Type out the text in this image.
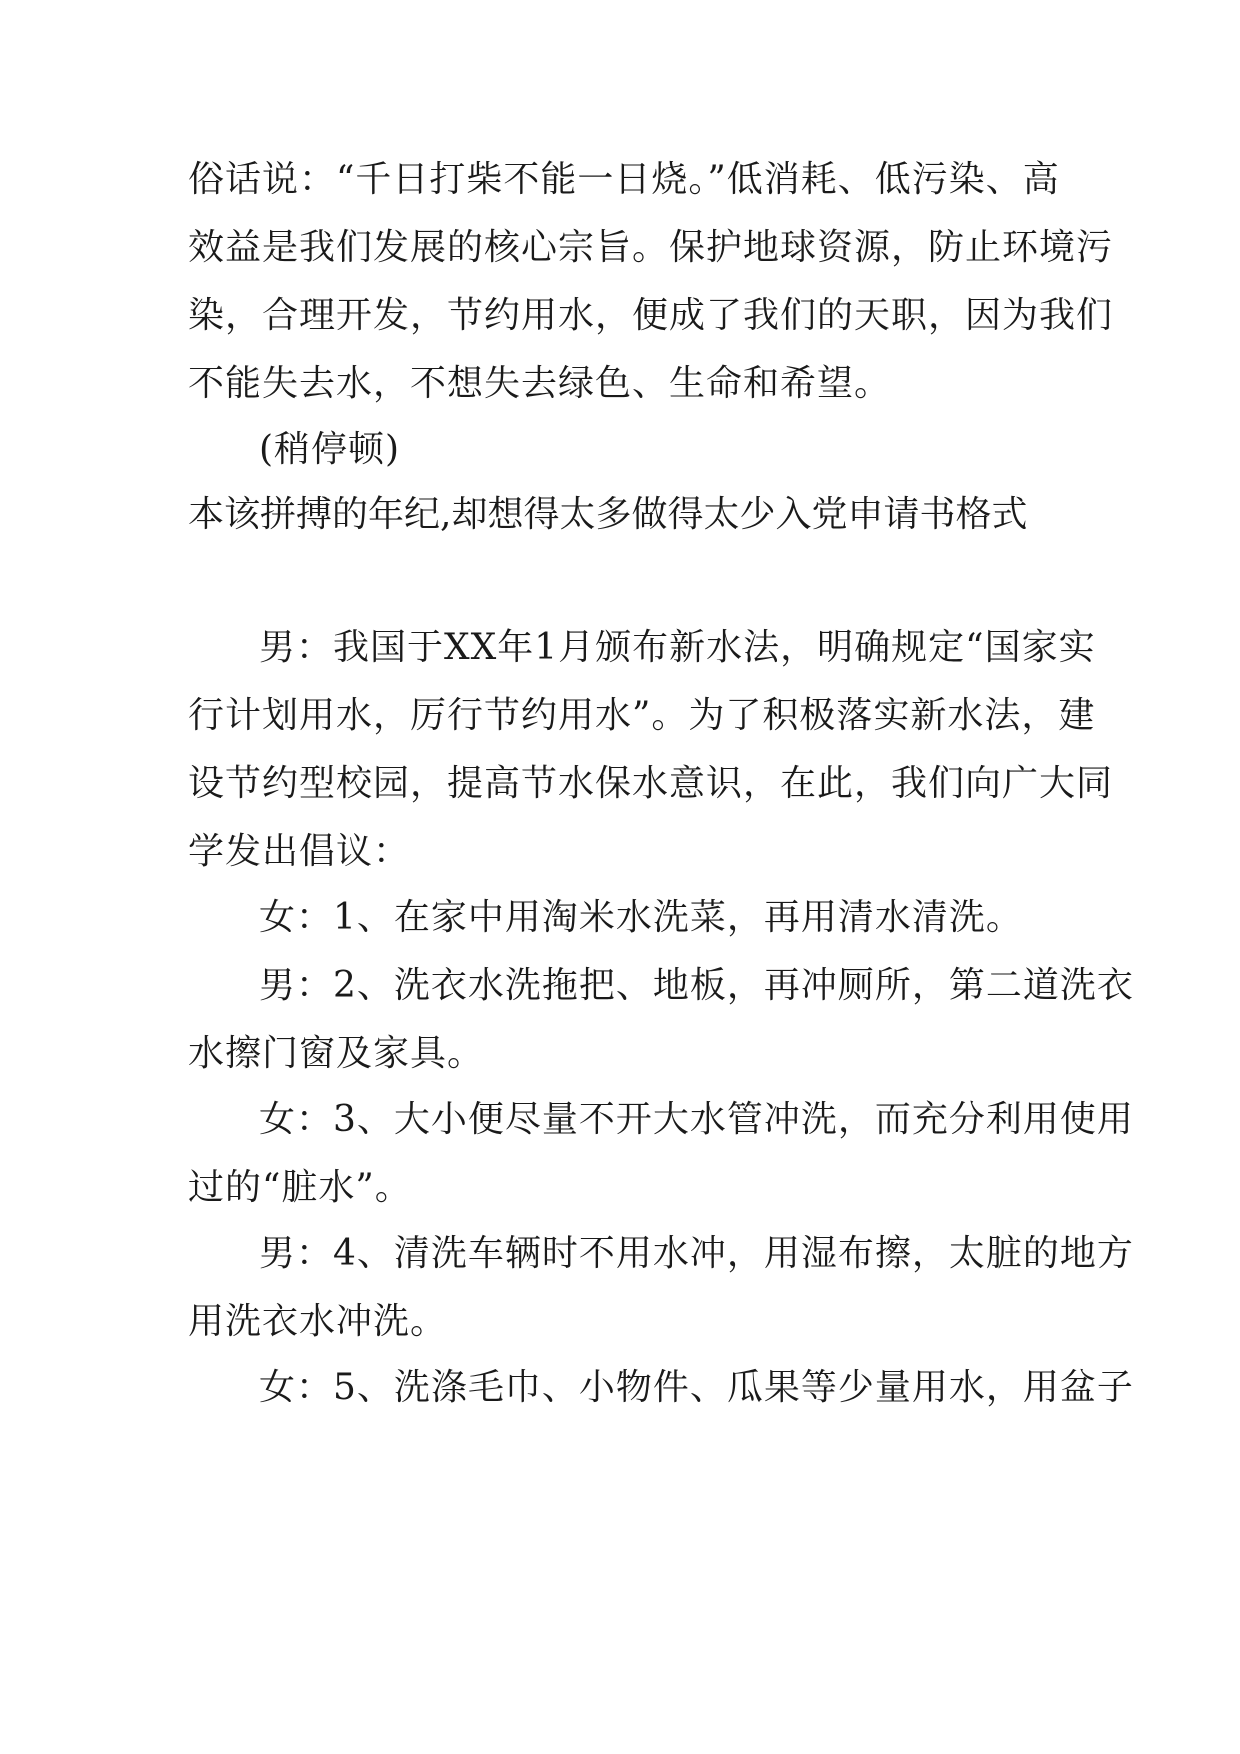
俗话说：“千日打柴不能一日烧。”低消耗、低污染、高
效益是我们发展的核心宗旨。保护地球资源，防止环境污
染，合理开发，节约用水，便成了我们的天职，因为我们
不能失去水，不想失去绿色、生命和希望。
(稍停顿)
本该拼搏的年纪,却想得太多做得太少入党申请书格式
男：我国于XX年1月颁布新水法，明确规定“国家实
行计划用水，厉行节约用水”。为了积极落实新水法，建
设节约型校园，提高节水保水意识，在此，我们向广大同
学发出倡议：
女：1、在家中用淘米水洗菜，再用清水清洗。
男：2、洗衣水洗拖把、地板，再冲厕所，第二道洗衣
水擦门窗及家具。
女：3、大小便尽量不开大水管冲洗，而充分利用使用
过的“脏水”。
男：4、清洗车辆时不用水冲，用湿布擦，太脏的地方
用洗衣水冲洗。
女：5、洗涤毛巾、小物件、瓜果等少量用水，用盆子
